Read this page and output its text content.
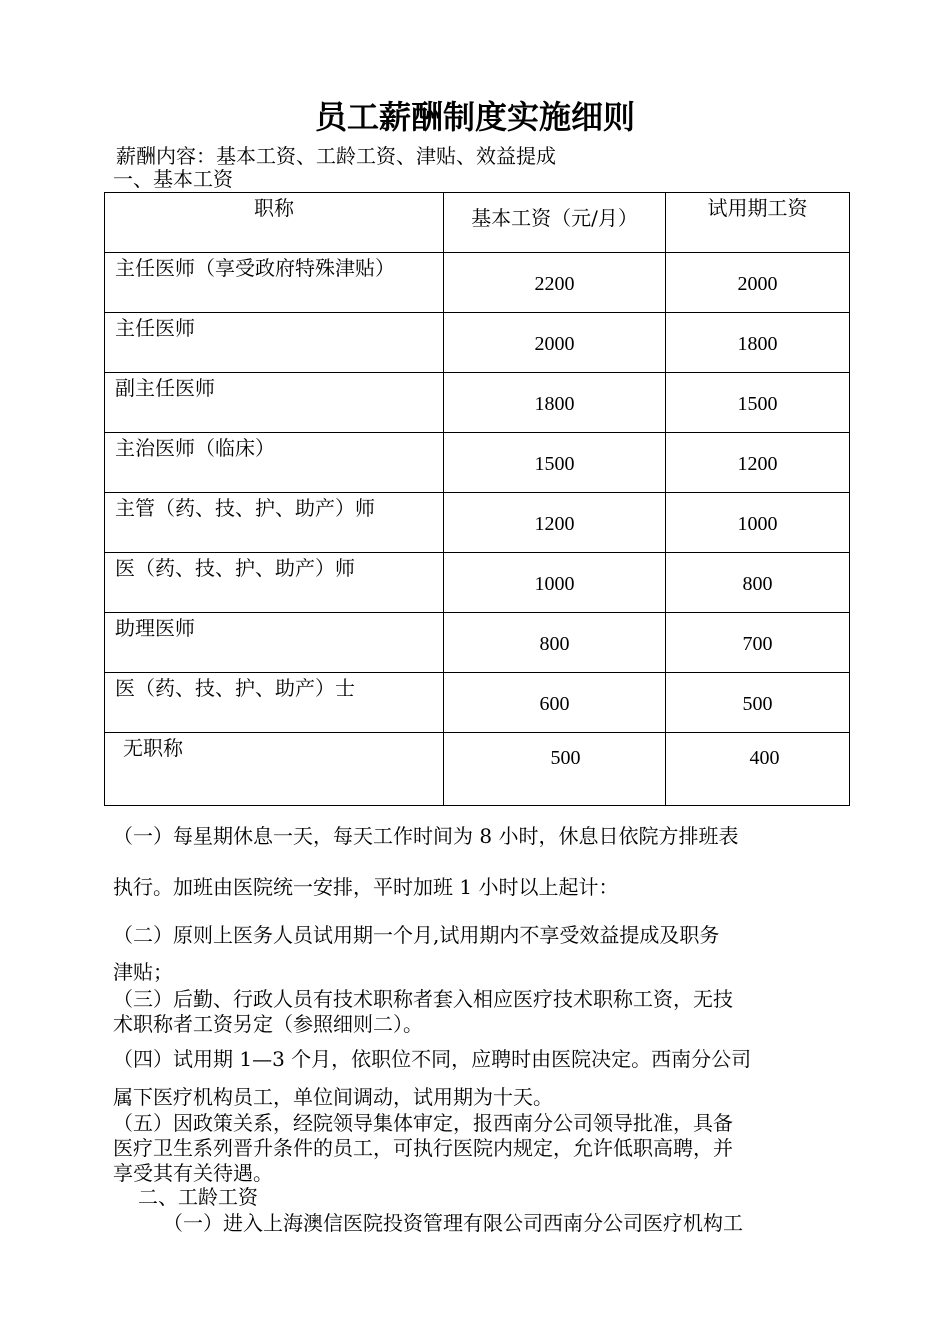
员工薪酬制度实施细则
薪酬内容：基本工资、工龄工资、津贴、效益提成
一、基本工资
职称	基本工资（元/月）	试用期工资

主任医师（享受政府特殊津贴）	2200	2000

主任医师	2000	1800

副主任医师	1800	1500

主治医师（临床）	1500	1200

主管（药、技、护、助产）师	1200	1000

医（药、技、护、助产）师	1000	800

助理医师	800	700

医（药、技、护、助产）士	600	500

无职称	500	400
（一）每星期休息一天，每天工作时间为 8 小时，休息日依院方排班表
执行。加班由医院统一安排，平时加班 1 小时以上起计：
（二）原则上医务人员试用期一个月,试用期内不享受效益提成及职务
津贴；
（三）后勤、行政人员有技术职称者套入相应医疗技术职称工资，无技
术职称者工资另定（参照细则二）。
（四）试用期 1—3 个月，依职位不同，应聘时由医院决定。西南分公司
属下医疗机构员工，单位间调动，试用期为十天。
（五）因政策关系，经院领导集体审定，报西南分公司领导批准，具备
医疗卫生系列晋升条件的员工，可执行医院内规定，允许低职高聘，并
享受其有关待遇。
二、工龄工资
（一）进入上海澳信医院投资管理有限公司西南分公司医疗机构工
